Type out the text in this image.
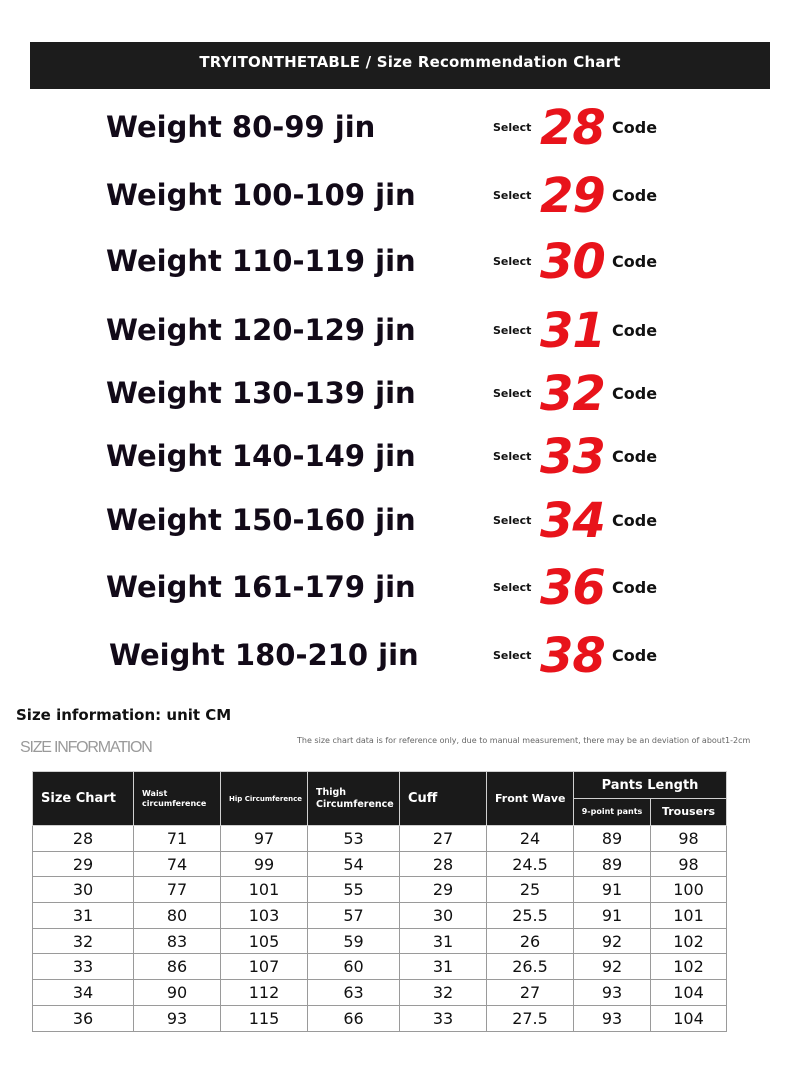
TRYITONTHETABLE / Size Recommendation Chart
Weight 80-99 jin	Select 28 Code
Weight 100-109 jin	Select 29 Code
Weight 110-119 jin	Select 30 Code
Weight 120-129 jin	Select 31 Code
Weight 130-139 jin	Select 32 Code
Weight 140-149 jin	Select 33 Code
Weight 150-160 jin	Select 34 Code
Weight 161-179 jin	Select 36 Code
Weight 180-210 jin	Select 38 Code
Size information: unit CM
SIZE INFORMATION	The size chart data is for reference only, due to manual measurement, there may be an deviation of about1-2cm
Size Chart	Waist circumference	Hip Circumference	Thigh Circumference	Cuff	Front Wave	Pants Length	
						9-point pants	Trousers
28	71	97	53	27	24	89	98
29	74	99	54	28	24.5	89	98
30	77	101	55	29	25	91	100
31	80	103	57	30	25.5	91	101
32	83	105	59	31	26	92	102
33	86	107	60	31	26.5	92	102
34	90	112	63	32	27	93	104
36	93	115	66	33	27.5	93	104
